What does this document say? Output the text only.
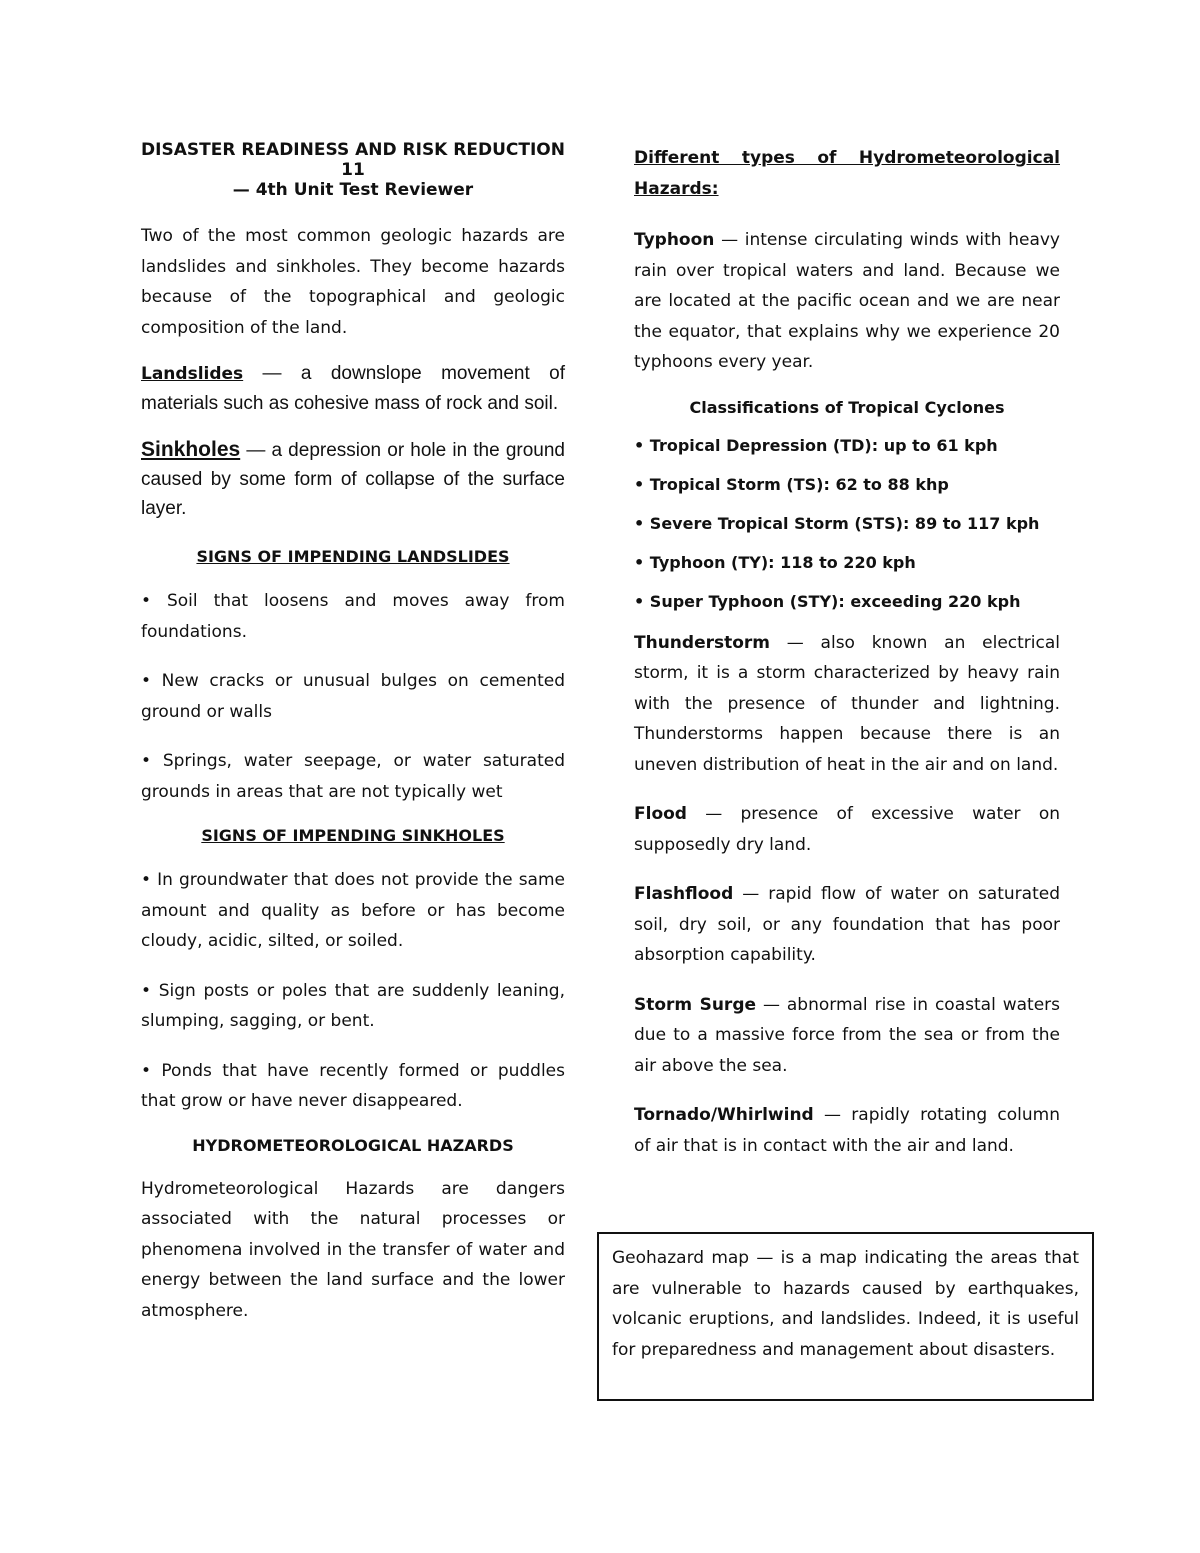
DISASTER READINESS AND RISK REDUCTION 11
— 4th Unit Test Reviewer

Two of the most common geologic hazards are landslides and sinkholes. They become hazards because of the topographical and geologic composition of the land.

Landslides — a downslope movement of materials such as cohesive mass of rock and soil.

Sinkholes — a depression or hole in the ground caused by some form of collapse of the surface layer.

SIGNS OF IMPENDING LANDSLIDES

• Soil that loosens and moves away from foundations.

• New cracks or unusual bulges on cemented ground or walls

• Springs, water seepage, or water saturated grounds in areas that are not typically wet

SIGNS OF IMPENDING SINKHOLES

• In groundwater that does not provide the same amount and quality as before or has become cloudy, acidic, silted, or soiled.

• Sign posts or poles that are suddenly leaning, slumping, sagging, or bent.

• Ponds that have recently formed or puddles that grow or have never disappeared.

HYDROMETEOROLOGICAL HAZARDS

Hydrometeorological Hazards are dangers associated with the natural processes or phenomena involved in the transfer of water and energy between the land surface and the lower atmosphere.

Different types of Hydrometeorological Hazards:

Typhoon — intense circulating winds with heavy rain over tropical waters and land. Because we are located at the pacific ocean and we are near the equator, that explains why we experience 20 typhoons every year.

Classifications of Tropical Cyclones

• Tropical Depression (TD): up to 61 kph

• Tropical Storm (TS): 62 to 88 khp

• Severe Tropical Storm (STS): 89 to 117 kph

• Typhoon (TY): 118 to 220 kph

• Super Typhoon (STY): exceeding 220 kph

Thunderstorm — also known an electrical storm, it is a storm characterized by heavy rain with the presence of thunder and lightning. Thunderstorms happen because there is an uneven distribution of heat in the air and on land.

Flood — presence of excessive water on supposedly dry land.

Flashflood — rapid flow of water on saturated soil, dry soil, or any foundation that has poor absorption capability.

Storm Surge — abnormal rise in coastal waters due to a massive force from the sea or from the air above the sea.

Tornado/Whirlwind — rapidly rotating column of air that is in contact with the air and land.

Geohazard map — is a map indicating the areas that are vulnerable to hazards caused by earthquakes, volcanic eruptions, and landslides. Indeed, it is useful for preparedness and management about disasters.
